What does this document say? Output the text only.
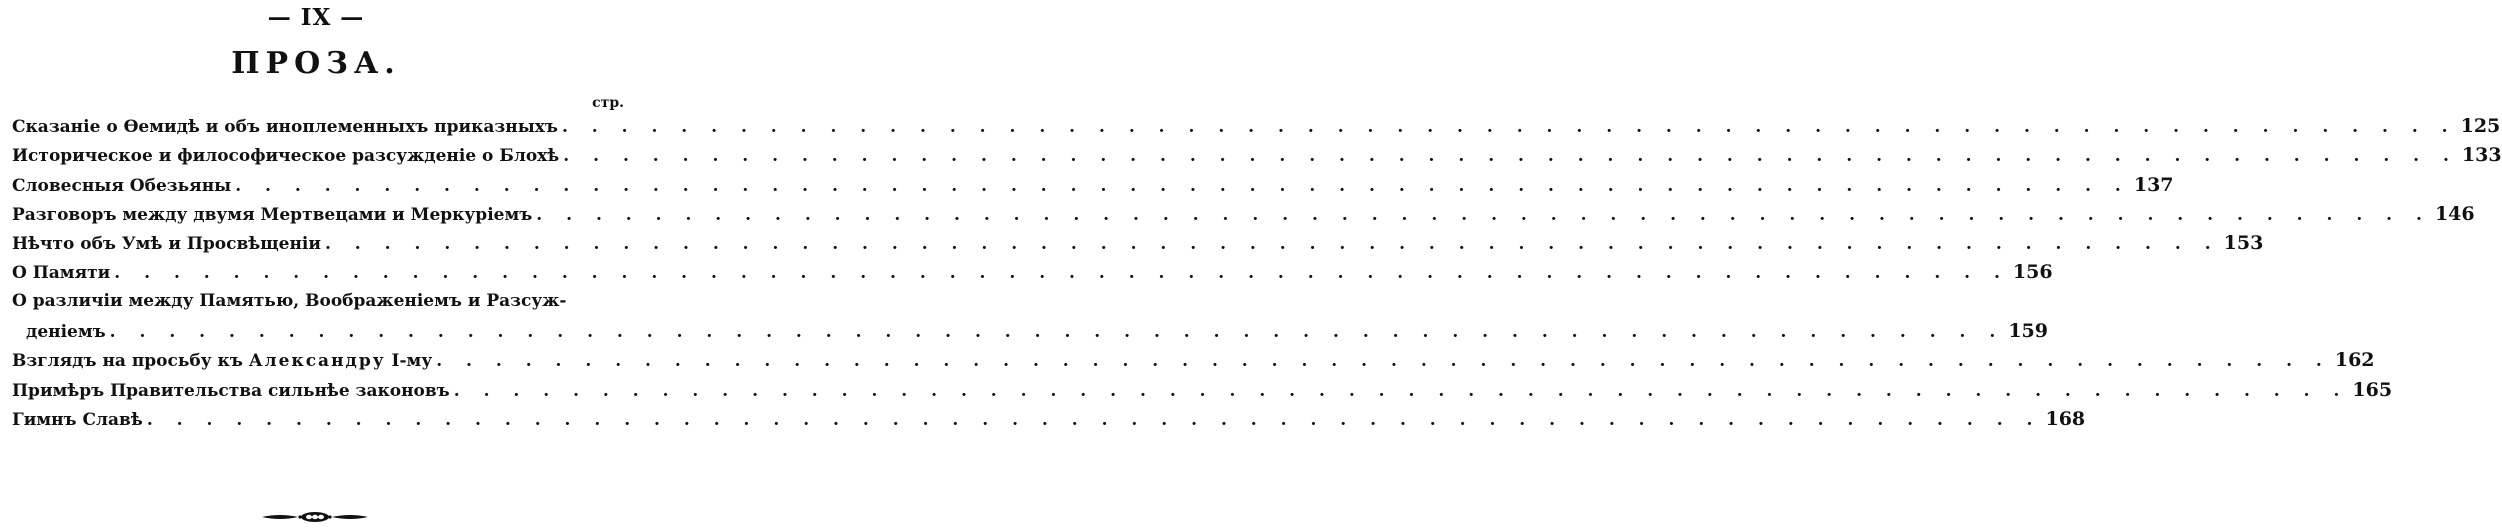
— IX —
ПРОЗА.
стр.
Сказаніе о Ѳемидѣ и объ иноплеменныхъ приказныхъ . . .	125
Историческое и философическое разсужденіе о Блохѣ . . .	133
Словесныя Обезьяны . . .	137
Разговоръ между двумя Мертвецами и Меркуріемъ . . .	146
Нѣчто объ Умѣ и Просвѣщеніи . . .	153
О Памяти . . .	156
О различіи между Памятью, Воображеніемъ и Разсуж-
деніемъ . . .	159
Взглядъ на просьбу къ Александру I-му . . .	162
Примѣръ Правительства сильнѣе законовъ . . .	165
Гимнъ Славѣ . . .	168
